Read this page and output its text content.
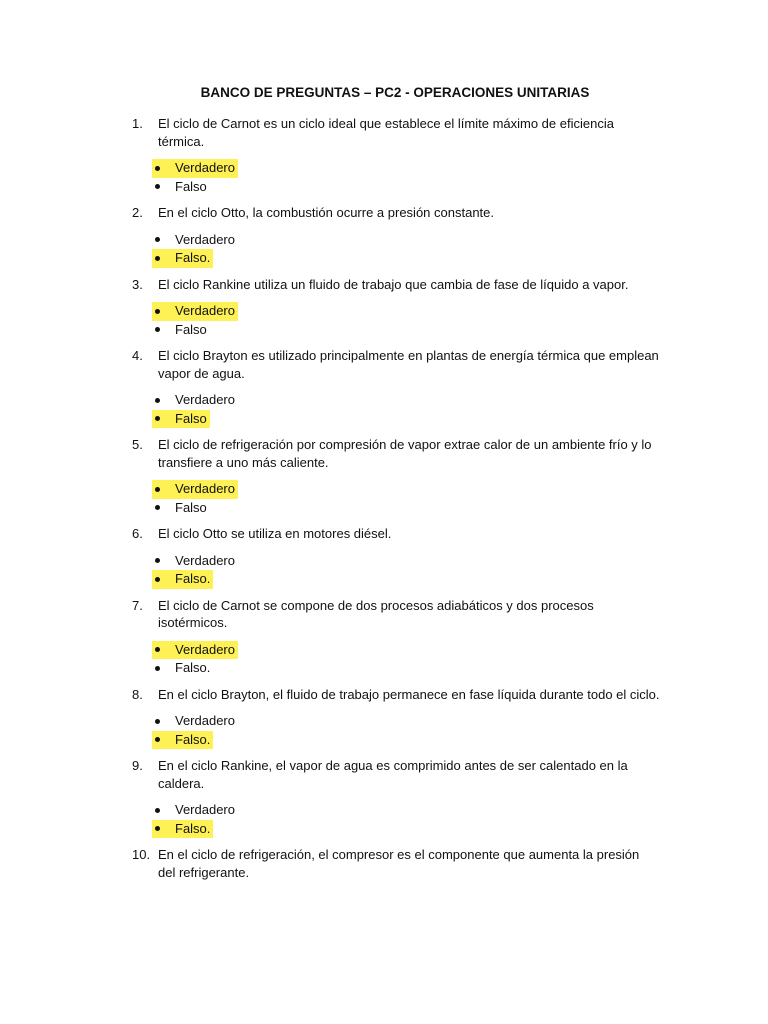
BANCO DE PREGUNTAS – PC2 - OPERACIONES UNITARIAS
1.	El ciclo de Carnot es un ciclo ideal que establece el límite máximo de eficiencia térmica.
Verdadero
Falso
2.	En el ciclo Otto, la combustión ocurre a presión constante.
Verdadero
Falso.
3.	El ciclo Rankine utiliza un fluido de trabajo que cambia de fase de líquido a vapor.
Verdadero
Falso
4.	El ciclo Brayton es utilizado principalmente en plantas de energía térmica que emplean vapor de agua.
Verdadero
Falso
5.	El ciclo de refrigeración por compresión de vapor extrae calor de un ambiente frío y lo transfiere a uno más caliente.
Verdadero
Falso
6.	El ciclo Otto se utiliza en motores diésel.
Verdadero
Falso.
7.	El ciclo de Carnot se compone de dos procesos adiabáticos y dos procesos isotérmicos.
Verdadero
Falso.
8.	En el ciclo Brayton, el fluido de trabajo permanece en fase líquida durante todo el ciclo.
Verdadero
Falso.
9.	En el ciclo Rankine, el vapor de agua es comprimido antes de ser calentado en la caldera.
Verdadero
Falso.
10. En el ciclo de refrigeración, el compresor es el componente que aumenta la presión del refrigerante.
